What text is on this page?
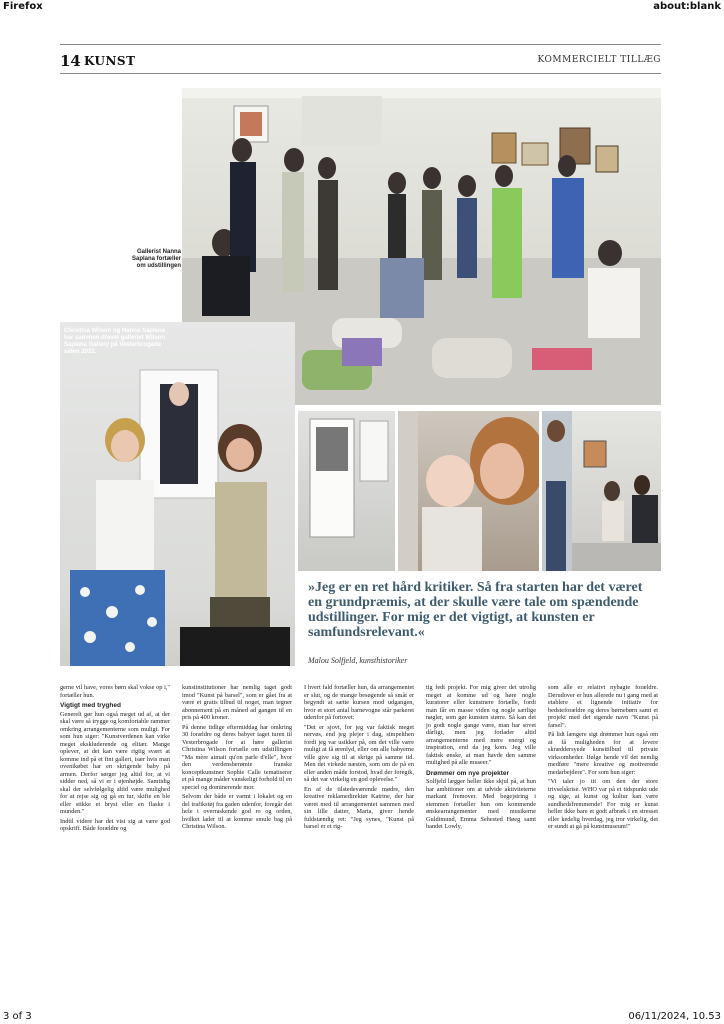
Firefox	about:blank
14 KUNST	KOMMERCIELT TILLÆG
Gallerist Nanna Saplana fortæller om udstillingen
Christina Wilson og Nanna Saplana har sammen drevet galleriet Wilson Saplana Gallery på Vesterbrogade siden 2022.
»Jeg er en ret hård kritiker. Så fra starten har det været en grundpræmis, at der skulle være tale om spændende udstillinger. For mig er det vigtigt, at kunsten er samfundsrelevant.«
Malou Solfjeld, kunsthistoriker

gerne vil have, vores børn skal vokse op i," fortæller hun.

Vigtigt med tryghed

Generelt gør hun også meget ud af, at der skal være så trygge og komfortable rammer omkring arrangementerne som muligt. For som hun siger: "Kunstverdenen kan virke meget ekskluderende og elitær. Mange oplever, at det kan være rigtig svært at komme ind på et fint galleri, især hvis man ovenikøbet har en skrigende baby på armen. Derfor sørger jeg altid for, at vi sidder ned, så vi er i øjenhøjde. Samtidig skal der selvfølgelig altid være mulighed for at rejse sig og gå en tur, skifte en ble eller stikke et bryst eller en flaske i munden."

Indtil videre har det vist sig at være god opskrift. Både forældre og

kunstinstitutioner har nemlig taget godt imod "Kunst på barsel", som er gået fra at være et gratis tilbud til noget, man tegner abonnement på en måned ad gangen til en pris på 400 kroner.

På denne tidlige eftermiddag har omkring 30 forældre og deres babyer taget turen til Vesterbrogade for at høre gallerist Christina Wilson fortælle om udstillingen "Ma mère aimait qu'on parle d'elle", hvor den verdensberømte franske konceptkunstner Sophie Calle tematiserer et på mange måder vanskeligt forhold til en speciel og dominerende mor.

Selvom der både er varmt i lokalet og en del trafikstøj fra gaden udenfor, foregår det hele i overraskende god ro og orden, hvilket lader til at komme smule bag på Christina Wilson.

I hvert fald fortæller hun, da arrangementet er slut, og de mange besøgende så småt er begyndt at sætte kursen mod udgangen, hvor et stort antal barnevogne står parkeret udenfor på fortovet:

"Det er sjovt, for jeg var faktisk meget nervøs, end jeg plejer i dag, simpelthen fordi jeg var usikker på, om det ville være muligt at få ørenlyd, eller om alle babyerne ville give sig til at skrige på samme tid. Men det virkede næsten, som om de på en eller anden måde forstod, hvad der foregik, så det var virkelig en god oplevelse."

En af de tilstedeværende mødre, den kreative reklamedirektør Katrine, der har været med til arrangementet sammen med sin lille datter, Marta, giver hende fuldstændig ret: "Jeg synes, "Kunst på barsel er et rig-

tig fedt projekt. For mig giver det utrolig meget at komme ud og høre nogle kuratorer eller kunstnere fortælle, fordi man får en masse viden og nogle særlige nøgler, som gør kunsten større. Så kan det jo godt nogle gange være, man har sovet dårligt, men jeg forlader altid arrangementerne med mere energi og inspiration, end da jeg kom. Jeg ville faktisk ønske, at man havde den samme mulighed på alle museer."

Drømmer om nye projekter

Solfjeld lægger heller ikke skjul på, at hun har ambitioner om at udvide aktiviteterne markant fremover. Med begejstring i stemmen fortæller hun om kommende ønskearrangementer med musikerne Guldimund, Emma Sehested Høeg samt bandet Lowly,

som alle er relativt nybagte forældre. Derudover er hun allerede nu i gang med at etablere et lignende initiativ for bedsteforældre og deres børnebørn samt et projekt med det sigende navn "Kunst på farsel".

På lidt længere sigt drømmer hun også om at få muligheden for at levere skræddersyede kunsttilbud til private virksomheder. Ifølge hende vil det nemlig medføre "mere kreative og motiverede medarbejdere". For som hun siger:

"Vi taler jo tit om den der store trivselskrise. WHO var på et tidspunkt ude og sige, at kunst og kultur kan være sundhedsfremmende! For mig er kunst heller ikke bare et godt afbræk i en stresset eller kedelig hverdag, jeg tror virkelig, det er sundt at gå på kunstmuseum!"

3 of 3	06/11/2024, 10.53
